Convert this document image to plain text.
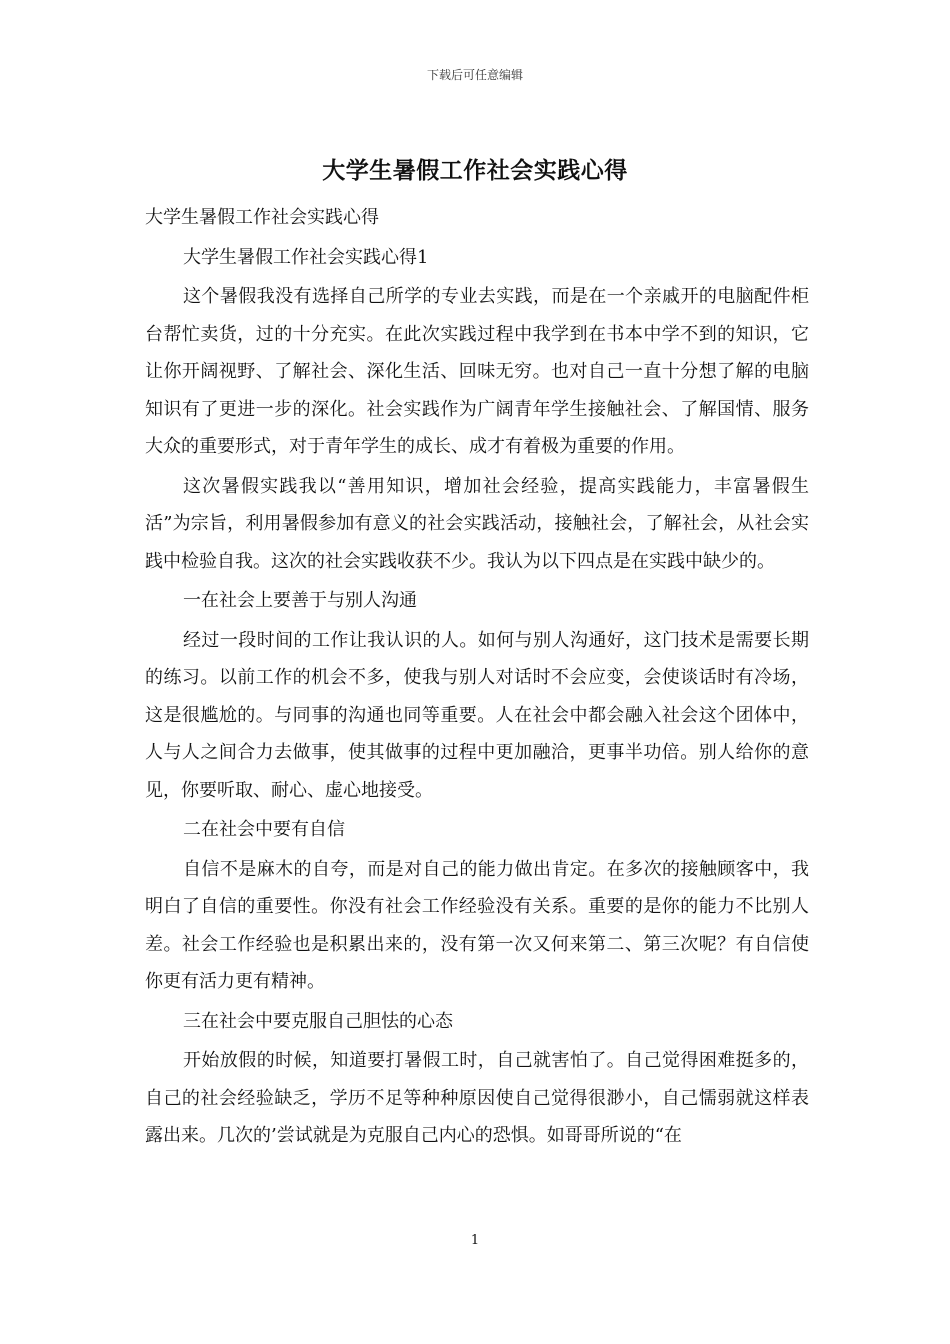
下载后可任意编辑
大学生暑假工作社会实践心得

大学生暑假工作社会实践心得

大学生暑假工作社会实践心得1

这个暑假我没有选择自己所学的专业去实践，而是在一个亲戚开的电脑配件柜台帮忙卖货，过的十分充实。在此次实践过程中我学到在书本中学不到的知识，它让你开阔视野、了解社会、深化生活、回味无穷。也对自己一直十分想了解的电脑知识有了更进一步的深化。社会实践作为广阔青年学生接触社会、了解国情、服务大众的重要形式，对于青年学生的成长、成才有着极为重要的作用。

这次暑假实践我以“善用知识，增加社会经验，提高实践能力，丰富暑假生活”为宗旨，利用暑假参加有意义的社会实践活动，接触社会，了解社会，从社会实践中检验自我。这次的社会实践收获不少。我认为以下四点是在实践中缺少的。

一在社会上要善于与别人沟通

经过一段时间的工作让我认识的人。如何与别人沟通好，这门技术是需要长期的练习。以前工作的机会不多，使我与别人对话时不会应变，会使谈话时有冷场，这是很尴尬的。与同事的沟通也同等重要。人在社会中都会融入社会这个团体中，人与人之间合力去做事，使其做事的过程中更加融洽，更事半功倍。别人给你的意见，你要听取、耐心、虚心地接受。

二在社会中要有自信

自信不是麻木的自夸，而是对自己的能力做出肯定。在多次的接触顾客中，我明白了自信的重要性。你没有社会工作经验没有关系。重要的是你的能力不比别人差。社会工作经验也是积累出来的，没有第一次又何来第二、第三次呢？有自信使你更有活力更有精神。

三在社会中要克服自己胆怯的心态

开始放假的时候，知道要打暑假工时，自己就害怕了。自己觉得困难挺多的，自己的社会经验缺乏，学历不足等种种原因使自己觉得很渺小，自己懦弱就这样表露出来。几次的’尝试就是为克服自己内心的恐惧。如哥哥所说的“在

1
